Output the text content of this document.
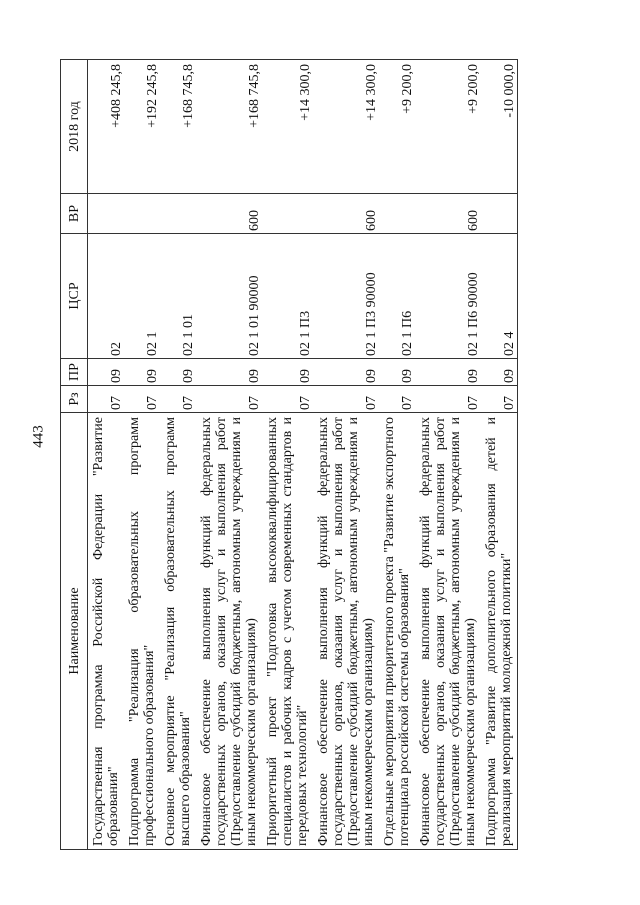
443
Наименование	Рз	ПР	ЦСР	ВР	2018 год
Государственная программа Российской Федерации "Развитие образования"	07	09	02		+408 245,8

Подпрограмма "Реализация образовательных программ профессионального образования"	07	09	02 1		+192 245,8

Основное мероприятие "Реализация образовательных программ высшего образования"	07	09	02 1 01		+168 745,8

Финансовое обеспечение выполнения функций федеральных государственных органов, оказания услуг и выполнения работ (Предоставление субсидий бюджетным, автономным учреждениям и иным некоммерческим организациям)	07	09	02 1 01 90000	600	+168 745,8

Приоритетный проект "Подготовка высококвалифицированных специалистов и рабочих кадров с учетом современных стандартов и передовых технологий"	07	09	02 1 П3		+14 300,0

Финансовое обеспечение выполнения функций федеральных государственных органов, оказания услуг и выполнения работ (Предоставление субсидий бюджетным, автономным учреждениям и иным некоммерческим организациям)	07	09	02 1 П3 90000	600	+14 300,0

Отдельные мероприятия приоритетного проекта "Развитие экспортного потенциала российской системы образования"	07	09	02 1 П6		+9 200,0

Финансовое обеспечение выполнения функций федеральных государственных органов, оказания услуг и выполнения работ (Предоставление субсидий бюджетным, автономным учреждениям и иным некоммерческим организациям)	07	09	02 1 П6 90000	600	+9 200,0

Подпрограмма "Развитие дополнительного образования детей и реализация мероприятий молодежной политики"	07	09	02 4		-10 000,0
